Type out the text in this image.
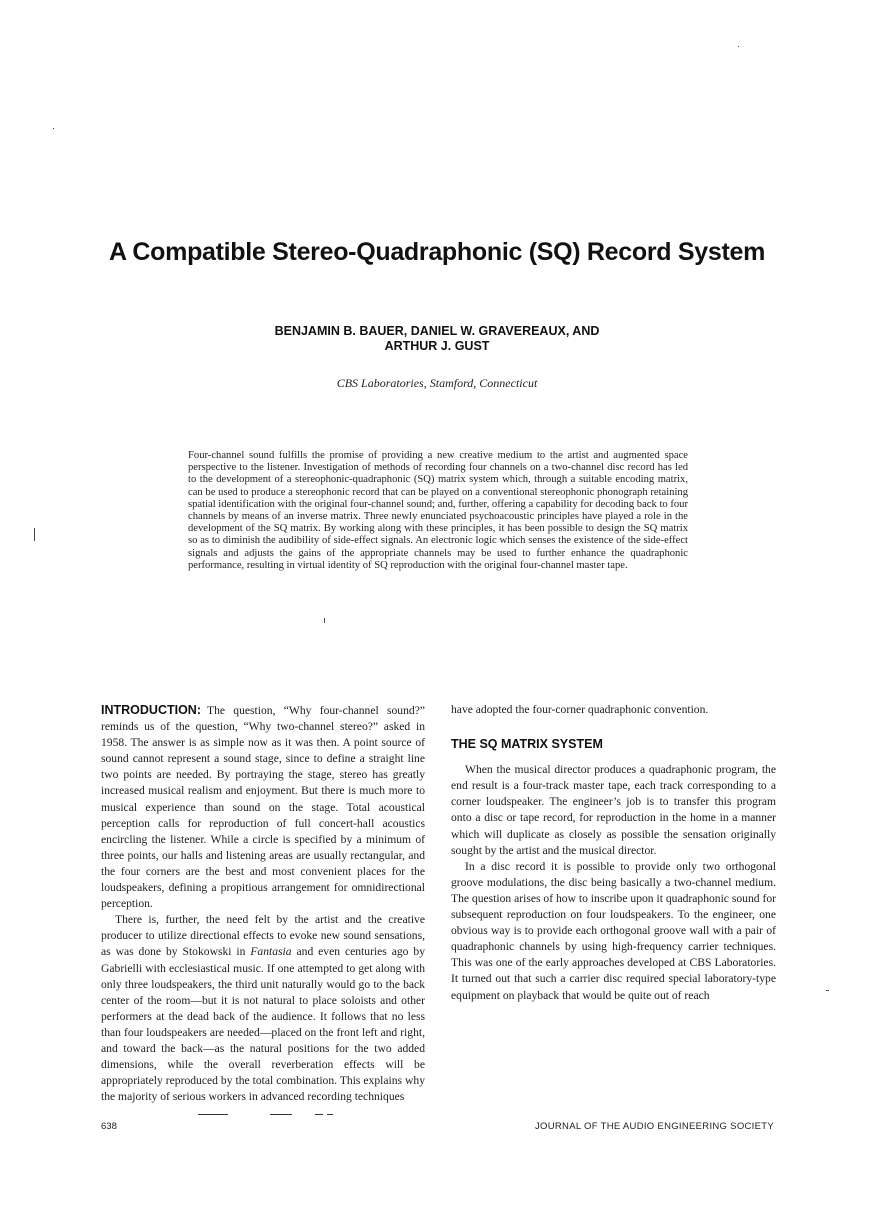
A Compatible Stereo-Quadraphonic (SQ) Record System
BENJAMIN B. BAUER, DANIEL W. GRAVEREAUX, AND
ARTHUR J. GUST
CBS Laboratories, Stamford, Connecticut
Four-channel sound fulfills the promise of providing a new creative medium to the artist and augmented space perspective to the listener. Investigation of methods of recording four channels on a two-channel disc record has led to the development of a stereophonic-quadraphonic (SQ) matrix system which, through a suitable encoding matrix, can be used to produce a stereophonic record that can be played on a conventional stereophonic phonograph retaining spatial identification with the original four-channel sound; and, further, offering a capability for decoding back to four channels by means of an inverse matrix. Three newly enunciated psychoacoustic principles have played a role in the development of the SQ matrix. By working along with these principles, it has been possible to design the SQ matrix so as to diminish the audibility of side-effect signals. An electronic logic which senses the existence of the side-effect signals and adjusts the gains of the appropriate channels may be used to further enhance the quadraphonic performance, resulting in virtual identity of SQ reproduction with the original four-channel master tape.

INTRODUCTION: The question, “Why four-channel sound?” reminds us of the question, “Why two-channel stereo?” asked in 1958. The answer is as simple now as it was then. A point source of sound cannot represent a sound stage, since to define a straight line two points are needed. By portraying the stage, stereo has greatly increased musical realism and enjoyment. But there is much more to musical experience than sound on the stage. Total acoustical perception calls for reproduction of full concert-hall acoustics encircling the listener. While a circle is specified by a minimum of three points, our halls and listening areas are usually rectangular, and the four corners are the best and most convenient places for the loudspeakers, defining a propitious arrangement for omnidirectional perception.

There is, further, the need felt by the artist and the creative producer to utilize directional effects to evoke new sound sensations, as was done by Stokowski in Fantasia and even centuries ago by Gabrielli with ecclesiastical music. If one attempted to get along with only three loudspeakers, the third unit naturally would go to the back center of the room—but it is not natural to place soloists and other performers at the dead back of the audience. It follows that no less than four loudspeakers are needed—placed on the front left and right, and toward the back—as the natural positions for the two added dimensions, while the overall reverberation effects will be appropriately reproduced by the total combination. This explains why the majority of serious workers in advanced recording techniques

have adopted the four-corner quadraphonic convention.

THE SQ MATRIX SYSTEM

When the musical director produces a quadraphonic program, the end result is a four-track master tape, each track corresponding to a corner loudspeaker. The engineer’s job is to transfer this program onto a disc or tape record, for reproduction in the home in a manner which will duplicate as closely as possible the sensation originally sought by the artist and the musical director.

In a disc record it is possible to provide only two orthogonal groove modulations, the disc being basically a two-channel medium. The question arises of how to inscribe upon it quadraphonic sound for subsequent reproduction on four loudspeakers. To the engineer, one obvious way is to provide each orthogonal groove wall with a pair of quadraphonic channels by using high-frequency carrier techniques. This was one of the early approaches developed at CBS Laboratories. It turned out that such a carrier disc required special laboratory-type equipment on playback that would be quite out of reach

638	JOURNAL OF THE AUDIO ENGINEERING SOCIETY
